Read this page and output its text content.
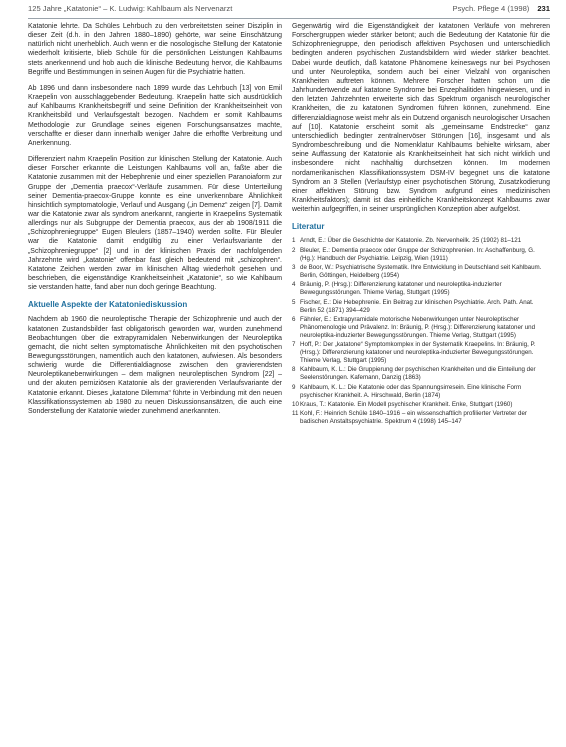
125 Jahre „Katatonie“ – K. Ludwig: Kahlbaum als Nervenarzt	Psych. Pflege 4 (1998) 231

Katatonie lehrte. Da Schüles Lehrbuch zu den verbreitetsten seiner Disziplin in dieser Zeit (d.h. in den Jahren 1880–1890) gehörte, war seine Einschätzung natürlich nicht unerheblich. Auch wenn er die nosologische Stellung der Katatonie wiederholt kritisierte, blieb Schüle für die persönlichen Leistungen Kahlbaums stets anerkennend und hob auch die klinische Bedeutung hervor, die Kahlbaums Begriffe und Bestimmungen in seinen Augen für die Psychiatrie hatten.

Ab 1896 und dann insbesondere nach 1899 wurde das Lehrbuch [13] von Emil Kraepelin von ausschlaggebender Bedeutung. Kraepelin hatte sich ausdrücklich auf Kahlbaums Krankheitsbegriff und seine Definition der Krankheitseinheit von Krankheitsbild und Verlaufsgestalt bezogen. Nachdem er somit Kahlbaums Methodologie zur Grundlage seines eigenen Forschungsansatzes machte, verschaffte er dieser dann innerhalb weniger Jahre die erhoffte Verbreitung und Anerkennung.

Differenziert nahm Kraepelin Position zur klinischen Stellung der Katatonie. Auch dieser Forscher erkannte die Leistungen Kahlbaums voll an, faßte aber die Katatonie zusammen mit der Hebephrenie und einer speziellen Paranoiaform zur Gruppe der „Dementia praecox“-Verläufe zusammen. Für diese Unterteilung seiner Dementia-praecox-Gruppe konnte es eine unverkennbare Ähnlichkeit hinsichtlich symptomatologie, Verlauf und Ausgang („in Demenz“ zeigen [7]. Damit war die Katatonie zwar als syndrom anerkannt, rangierte in Kraepelins Systematik allerdings nur als Subgruppe der Dementia praecox, aus der ab 1908/1911 die „Schizophreniegruppe“ Eugen Bleulers (1857–1940) werden sollte. Für Bleuler war die Katatonie damit endgültig zu einer Verlaufsvariante der „Schizophreniegruppe“ [2] und in der klinischen Praxis der nachfolgenden Jahrzehnte wird „katatonie“ offenbar fast gleich bedeutend mit „schizophren“. Katatone Zeichen werden zwar im klinischen Alltag wiederholt gesehen und beschrieben, die eigenständige Krankheitseinheit „Katatonie“, so wie Kahlbaum sie verstanden hatte, fand aber nun doch geringe Beachtung.

Aktuelle Aspekte der Katatoniediskussion

Nachdem ab 1960 die neuroleptische Therapie der Schizophrenie und auch der katatonen Zustandsbilder fast obligatorisch geworden war, wurden zunehmend Beobachtungen über die extrapyramidalen Nebenwirkungen der Neuroleptika gemacht, die nicht selten symptomatische Ähnlichkeiten mit den psychotischen Bewegungsstörungen, namentlich auch den katatonen, aufwiesen. Als besonders schwierig wurde die Differentialdiagnose zwischen den gravierendsten Neuroleptikanebenwirkungen – dem malignen neuroleptischen Syndrom [22] – und der akuten perniziösen Katatonie als der gravierenden Verlaufsvariante der Katatonie erkannt. Dieses „katatone Dilemma“ führte in Verbindung mit den neuen Klassifikationssystemen ab 1980 zu neuen Diskussionsansätzen, die auch eine Sonderstellung der Katatonie wieder zunehmend anerkannten.

Gegenwärtig wird die Eigenständigkeit der katatonen Verläufe von mehreren Forschergruppen wieder stärker betont; auch die Bedeutung der Katatonie für die Schizophreniegruppe, den periodisch affektiven Psychosen und unterschiedlich bedingten anderen psychischen Zustandsbildern wird wieder stärker beachtet. Dabei wurde deutlich, daß katatone Phänomene keineswegs nur bei Psychosen und unter Neuroleptika, sondern auch bei einer Vielzahl von organischen Krankheiten auftreten können. Mehrere Forscher hatten schon um die Jahrhundertwende auf katatone Syndrome bei Enzephalitiden hingewiesen, und in den letzten Jahrzehnten erweiterte sich das Spektrum organisch neurologischer Krankheiten, die zu katatonen Syndromen führen können, zunehmend. Eine differenzialdiagnose weist mehr als ein Dutzend organisch neurologischer Ursachen auf [10]. Katatonie erscheint somit als „gemeinsame Endstrecke“ ganz unterschiedlich bedingter zentralnervöser Störungen [16], insgesamt und als Syndrombeschreibung und die Nomenklatur Kahlbaums behielte wirksam, aber seine Auffassung der Katatonie als Krankheitseinheit hat sich nicht wirklich und insbesondere nicht nachhaltig durchsetzen können. Im modernen nordamerikanischen Klassifikationssystem DSM-IV begegnet uns die katatone Syndrom an 3 Stellen (Verlaufstyp einer psychotischen Störung, Zusatzkodierung einer affektiven Störung bzw. Syndrom aufgrund eines medizinischen Krankheitsfaktors); damit ist das einheitliche Krankheitskonzept Kahlbaums zwar weiterhin aufgegriffen, in seiner ursprünglichen Konzeption aber aufgelöst.

Literatur
1 Arndt, E.: Über die Geschichte der Katatonie. Zb. Nervenheilk. 25 (1902) 81–121
2 Bleuler, E.: Dementia praecox oder Gruppe der Schizophrenien. In: Aschaffenburg, G. (Hg.): Handbuch der Psychiatrie. Leipzig, Wien (1911)
3 de Boor, W.: Psychiatrische Systematik. Ihre Entwicklung in Deutschland seit Kahlbaum. Berlin, Göttingen, Heidelberg (1954)
4 Bräunig, P. (Hrsg.): Differenzierung katatoner und neuroleptika-induzierter Bewegungsstörungen. Thieme Verlag, Stuttgart (1995)
5 Fischer, E.: Die Hebephrenie. Ein Beitrag zur klinischen Psychiatrie. Arch. Path. Anat. Berlin 52 (1871) 394–429
6 Fähnler, E.: Extrapyramidale motorische Nebenwirkungen unter Neuroleptischer Phänomenologie und Prävalenz. In: Bräunig, P. (Hrsg.): Differenzierung katatoner und neuroleptika-induzierter Bewegungsstörungen. Thieme Verlag, Stuttgart (1995)
7 Hoff, P.: Der „katatone“ Symptomkomplex in der Systematik Kraepelins. In: Bräunig, P. (Hrsg.): Differenzierung katatoner und neuroleptika-induzierter Bewegungsstörungen. Thieme Verlag, Stuttgart (1995)
8 Kahlbaum, K. L.: Die Gruppierung der psychischen Krankheiten und die Einteilung der Seelenstörungen. Kafemann, Danzig (1863)
9 Kahlbaum, K. L.: Die Katatonie oder das Spannungsirresein. Eine klinische Form psychischer Krankheit. A. Hirschwald, Berlin (1874)
10 Kraus, T.: Katatonie. Ein Modell psychischer Krankheit. Enke, Stuttgart (1960)
11 Kohl, F.: Heinrich Schüle 1840–1916 – ein wissenschaftlich profilierter Vertreter der badischen Anstaltspsychiatrie. Spektrum 4 (1998) 145–147
